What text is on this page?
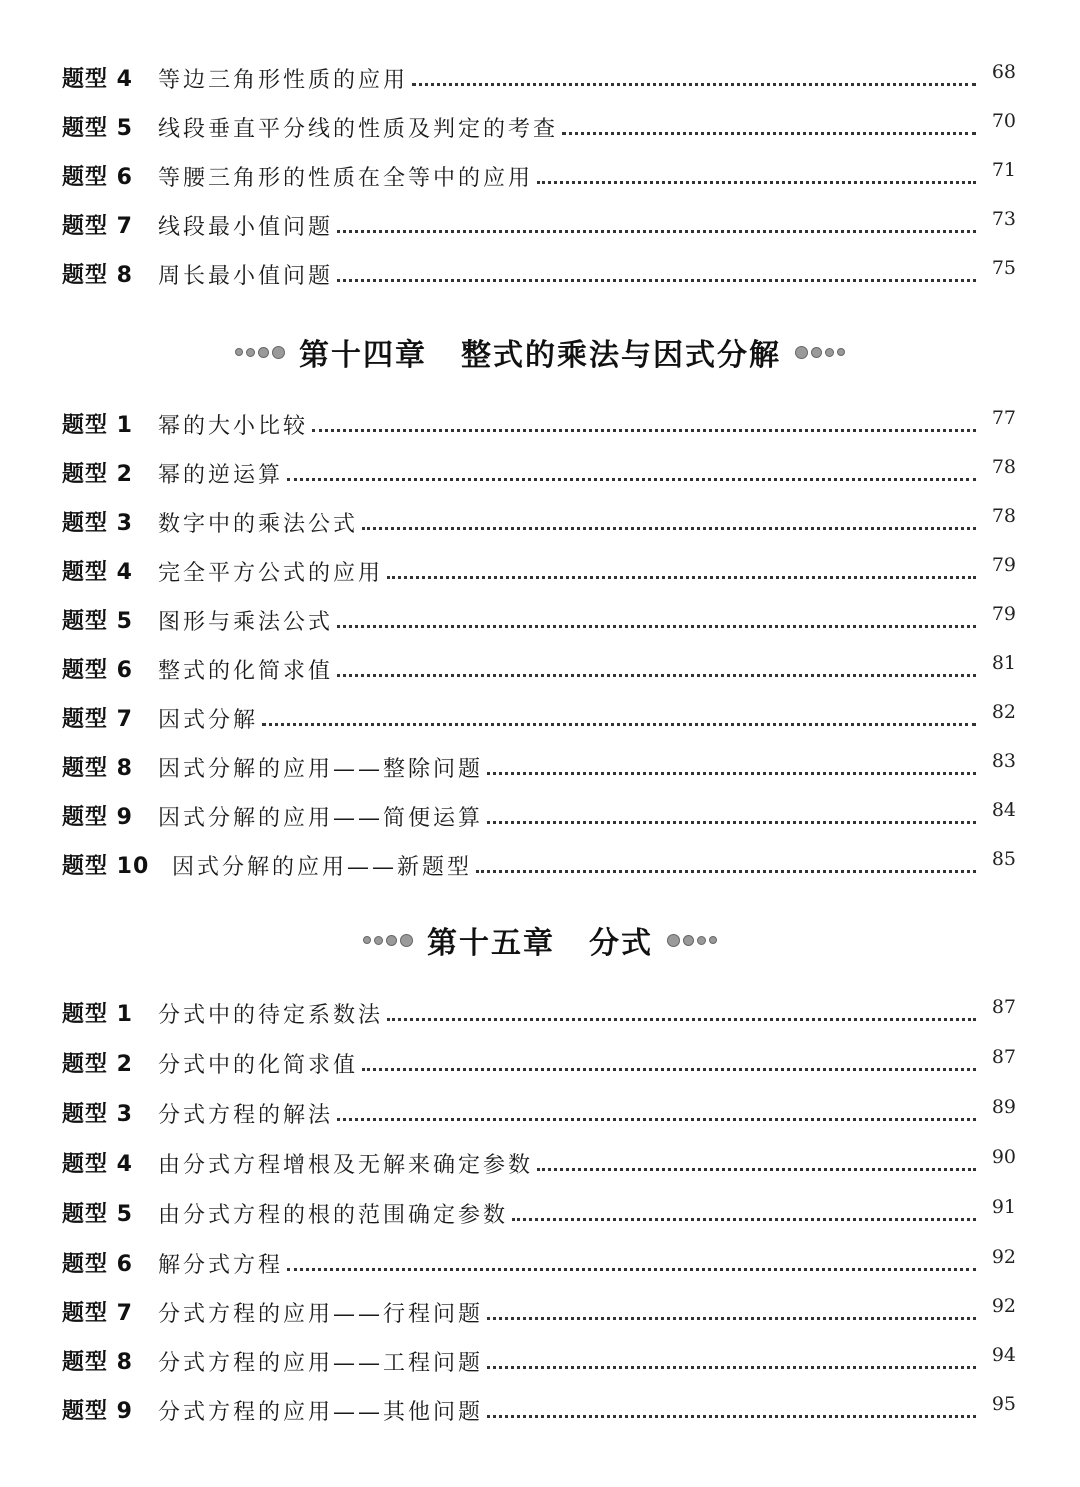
题型 4 等边三角形性质的应用	68
题型 5 线段垂直平分线的性质及判定的考查	70
题型 6 等腰三角形的性质在全等中的应用	71
题型 7 线段最小值问题	73
题型 8 周长最小值问题	75
第十四章 整式的乘法与因式分解
题型 1 幂的大小比较	77
题型 2 幂的逆运算	78
题型 3 数字中的乘法公式	78
题型 4 完全平方公式的应用	79
题型 5 图形与乘法公式	79
题型 6 整式的化简求值	81
题型 7 因式分解	82
题型 8 因式分解的应用——整除问题	83
题型 9 因式分解的应用——简便运算	84
题型 10 因式分解的应用——新题型	85
第十五章 分式
题型 1 分式中的待定系数法	87
题型 2 分式中的化简求值	87
题型 3 分式方程的解法	89
题型 4 由分式方程增根及无解来确定参数	90
题型 5 由分式方程的根的范围确定参数	91
题型 6 解分式方程	92
题型 7 分式方程的应用——行程问题	92
题型 8 分式方程的应用——工程问题	94
题型 9 分式方程的应用——其他问题	95
